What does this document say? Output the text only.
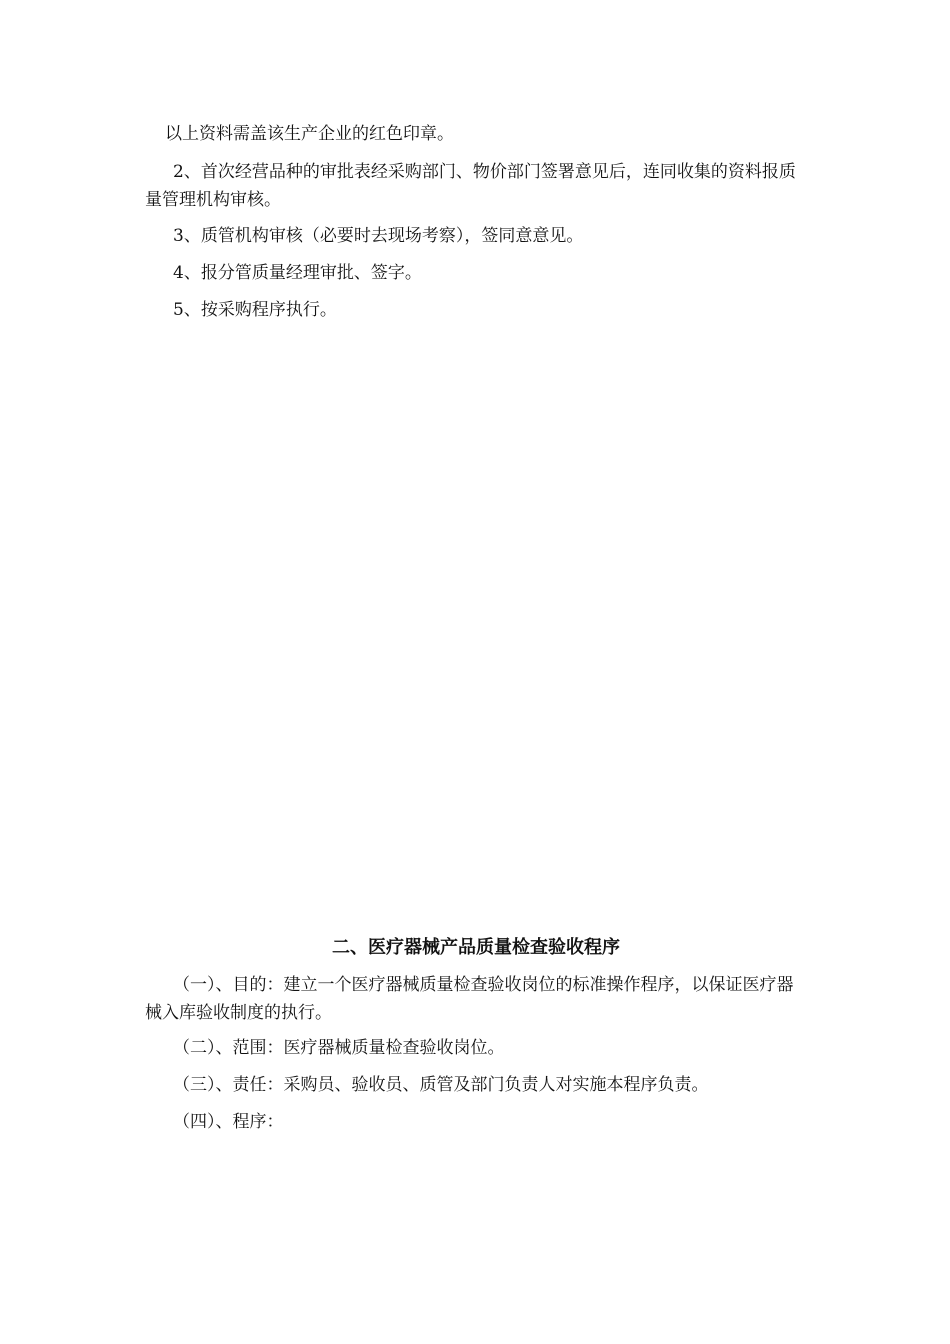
以上资料需盖该生产企业的红色印章。

2、首次经营品种的审批表经采购部门、物价部门签署意见后，连同收集的资料报质量管理机构审核。

3、质管机构审核（必要时去现场考察），签同意意见。

4、报分管质量经理审批、签字。

5、按采购程序执行。

二、医疗器械产品质量检查验收程序

（一）、目的：建立一个医疗器械质量检查验收岗位的标准操作程序，以保证医疗器械入库验收制度的执行。

（二）、范围：医疗器械质量检查验收岗位。

（三）、责任：采购员、验收员、质管及部门负责人对实施本程序负责。

（四）、程序：
